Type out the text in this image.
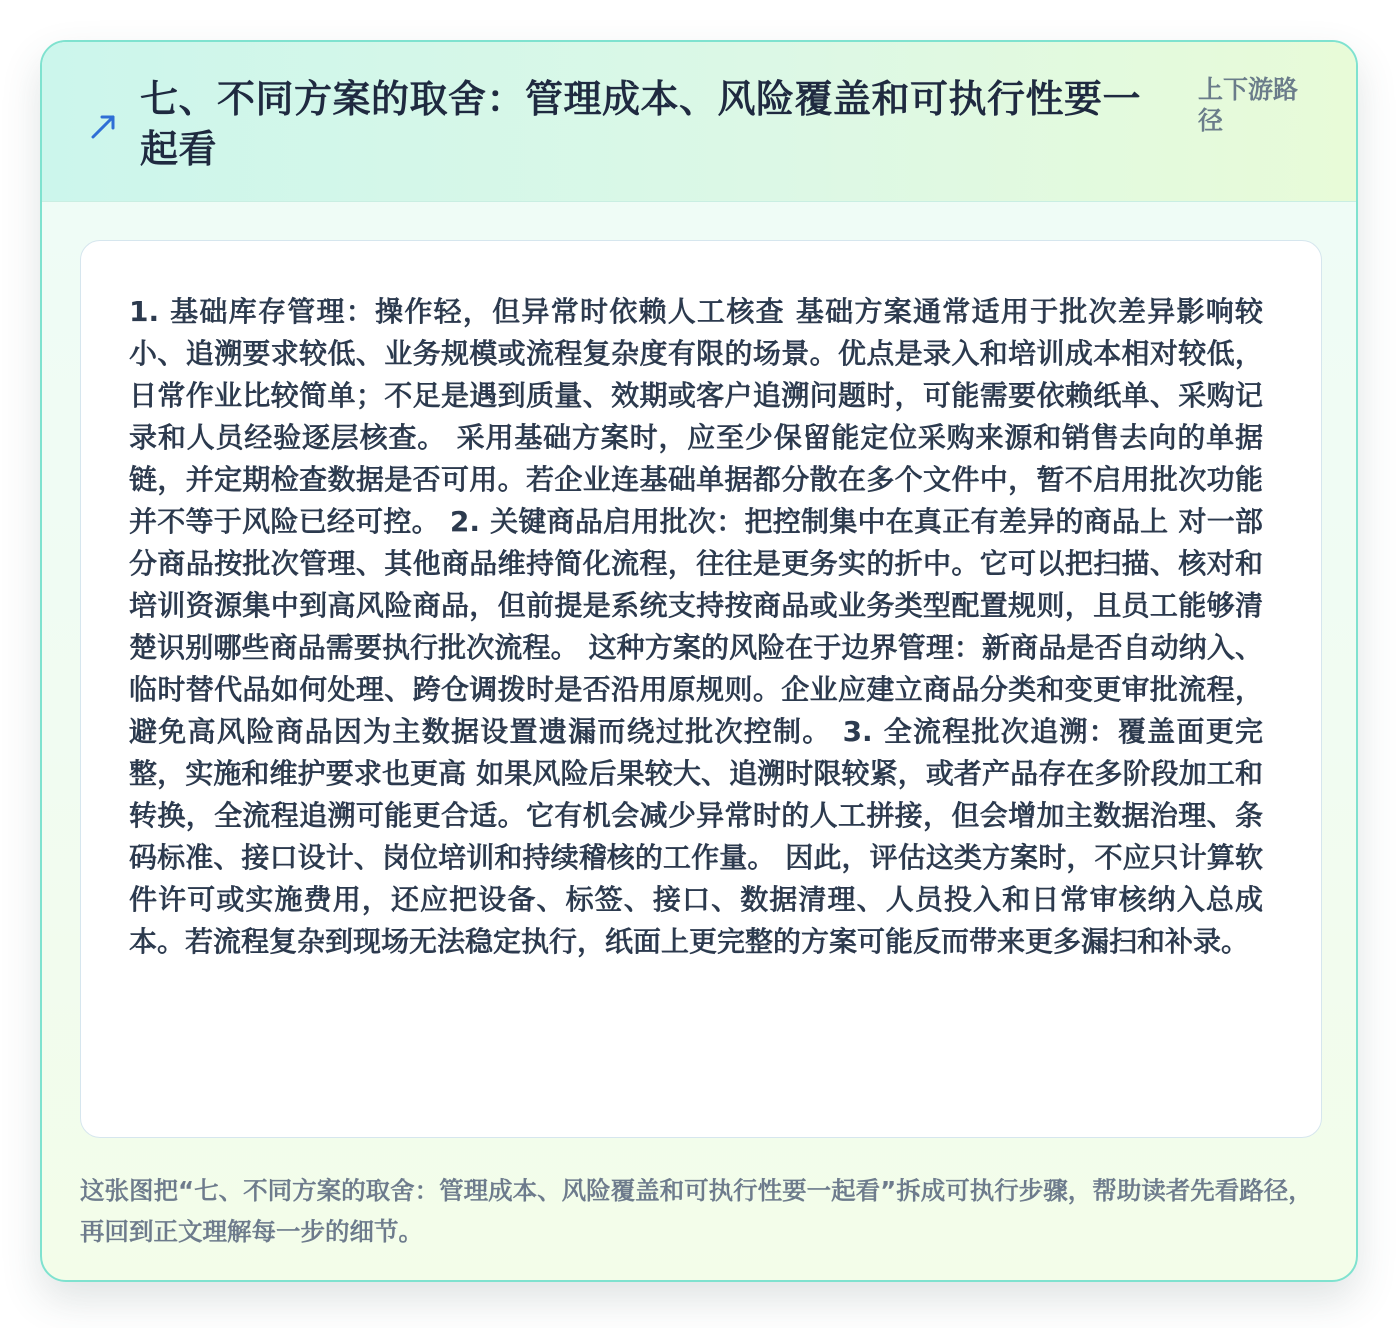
七、不同方案的取舍：管理成本、风险覆盖和可执行性要一起看
上下游路径

1. 基础库存管理：操作轻，但异常时依赖人工核查 基础方案通常适用于批次差异影响较小、追溯要求较低、业务规模或流程复杂度有限的场景。优点是录入和培训成本相对较低，日常作业比较简单；不足是遇到质量、效期或客户追溯问题时，可能需要依赖纸单、采购记录和人员经验逐层核查。 采用基础方案时，应至少保留能定位采购来源和销售去向的单据链，并定期检查数据是否可用。若企业连基础单据都分散在多个文件中，暂不启用批次功能并不等于风险已经可控。 2. 关键商品启用批次：把控制集中在真正有差异的商品上 对一部分商品按批次管理、其他商品维持简化流程，往往是更务实的折中。它可以把扫描、核对和培训资源集中到高风险商品，但前提是系统支持按商品或业务类型配置规则，且员工能够清楚识别哪些商品需要执行批次流程。 这种方案的风险在于边界管理：新商品是否自动纳入、临时替代品如何处理、跨仓调拨时是否沿用原规则。企业应建立商品分类和变更审批流程，避免高风险商品因为主数据设置遗漏而绕过批次控制。 3. 全流程批次追溯：覆盖面更完整，实施和维护要求也更高 如果风险后果较大、追溯时限较紧，或者产品存在多阶段加工和转换，全流程追溯可能更合适。它有机会减少异常时的人工拼接，但会增加主数据治理、条码标准、接口设计、岗位培训和持续稽核的工作量。 因此，评估这类方案时，不应只计算软件许可或实施费用，还应把设备、标签、接口、数据清理、人员投入和日常审核纳入总成本。若流程复杂到现场无法稳定执行，纸面上更完整的方案可能反而带来更多漏扫和补录。

这张图把“七、不同方案的取舍：管理成本、风险覆盖和可执行性要一起看”拆成可执行步骤，帮助读者先看路径，再回到正文理解每一步的细节。
